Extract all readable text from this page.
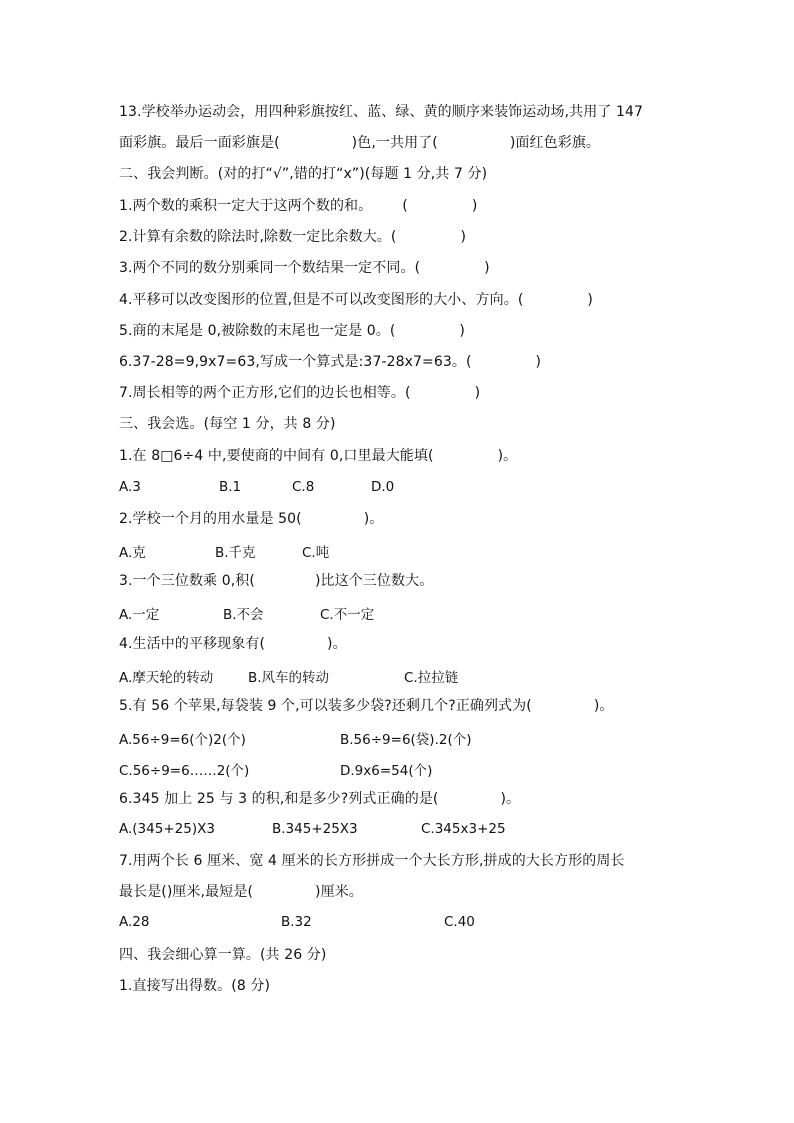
13.学校举办运动会，用四种彩旗按红、蓝、绿、黄的顺序来装饰运动场,共用了 147
面彩旗。最后一面彩旗是(	)色,一共用了(	)面红色彩旗。
二、我会判断。(对的打“√”,错的打“x”)(每题 1 分,共 7 分)
1.两个数的乘积一定大于这两个数的和。 (	)
2.计算有余数的除法时,除数一定比余数大。(	)
3.两个不同的数分别乘同一个数结果一定不同。(	)
4.平移可以改变图形的位置,但是不可以改变图形的大小、方向。(	)
5.商的末尾是 0,被除数的末尾也一定是 0。(	)
6.37-28=9,9x7=63,写成一个算式是:37-28x7=63。(	)
7.周长相等的两个正方形,它们的边长也相等。(	)
三、我会选。(每空 1 分，共 8 分)
1.在 8□6÷4 中,要使商的中间有 0,口里最大能填(	)。
A.3	B.1	C.8	D.0
2.学校一个月的用水量是 50(	)。
A.克	B.千克	C.吨
3.一个三位数乘 0,积(	)比这个三位数大。
A.一定	B.不会	C.不一定
4.生活中的平移现象有(	)。
A.摩天轮的转动	B.风车的转动	C.拉拉链
5.有 56 个苹果,每袋装 9 个,可以装多少袋?还剩几个?正确列式为(	)。
A.56÷9=6(个)2(个)	B.56÷9=6(袋).2(个)
C.56÷9=6……2(个)	D.9x6=54(个)
6.345 加上 25 与 3 的积,和是多少?列式正确的是(	)。
A.(345+25)X3	B.345+25X3	C.345x3+25
7.用两个长 6 厘米、宽 4 厘米的长方形拼成一个大长方形,拼成的大长方形的周长
最长是()厘米,最短是(	)厘米。
A.28	B.32	C.40
四、我会细心算一算。(共 26 分)
1.直接写出得数。(8 分)
